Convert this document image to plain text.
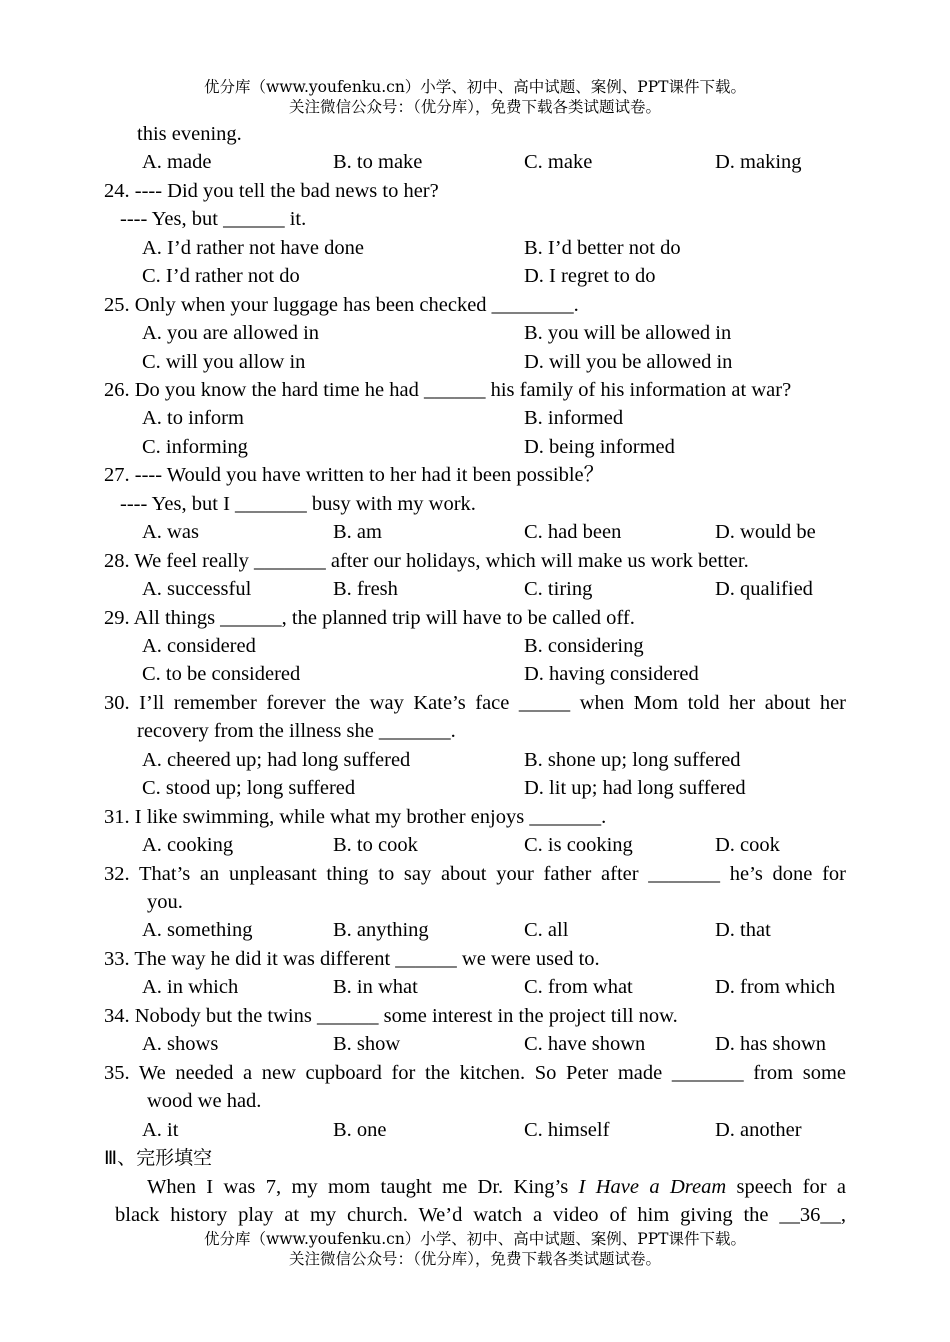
优分库（www.youfenku.cn）小学、初中、高中试题、案例、PPT课件下载。
关注微信公众号：（优分库），免费下载各类试题试卷。
this evening.
A. made	B. to make	C. make	D. making
24. ---- Did you tell the bad news to her?
---- Yes, but ______ it.
A. I’d rather not have done	B. I’d better not do
C. I’d rather not do	D. I regret to do
25. Only when your luggage has been checked ________.
A. you are allowed in	B. you will be allowed in
C. will you allow in	D. will you be allowed in
26. Do you know the hard time he had ______ his family of his information at war?
A. to inform	B. informed
C. informing	D. being informed
27. ---- Would you have written to her had it been possible？
---- Yes, but I _______ busy with my work.
A. was	B. am	C. had been	D. would be
28. We feel really _______ after our holidays, which will make us work better.
A. successful	B. fresh	C. tiring	D. qualified
29. All things ______, the planned trip will have to be called off.
A. considered	B. considering
C. to be considered	D. having considered
30. I’ll remember forever the way Kate’s face _____ when Mom told her about her
recovery from the illness she _______.
A. cheered up; had long suffered	B. shone up; long suffered
C. stood up; long suffered	D. lit up; had long suffered
31. I like swimming, while what my brother enjoys _______.
A. cooking	B. to cook	C. is cooking	D. cook
32. That’s an unpleasant thing to say about your father after _______ he’s done for
you.
A. something	B. anything	C. all	D. that
33. The way he did it was different ______ we were used to.
A. in which	B. in what	C. from what	D. from which
34. Nobody but the twins ______ some interest in the project till now.
A. shows	B. show	C. have shown	D. has shown
35. We needed a new cupboard for the kitchen. So Peter made _______ from some
wood we had.
A. it	B. one	C. himself	D. another
Ⅲ、完形填空
When I was 7, my mom taught me Dr. King’s I Have a Dream speech for a
black history play at my church. We’d watch a video of him giving the __36__,
优分库（www.youfenku.cn）小学、初中、高中试题、案例、PPT课件下载。
关注微信公众号：（优分库），免费下载各类试题试卷。
